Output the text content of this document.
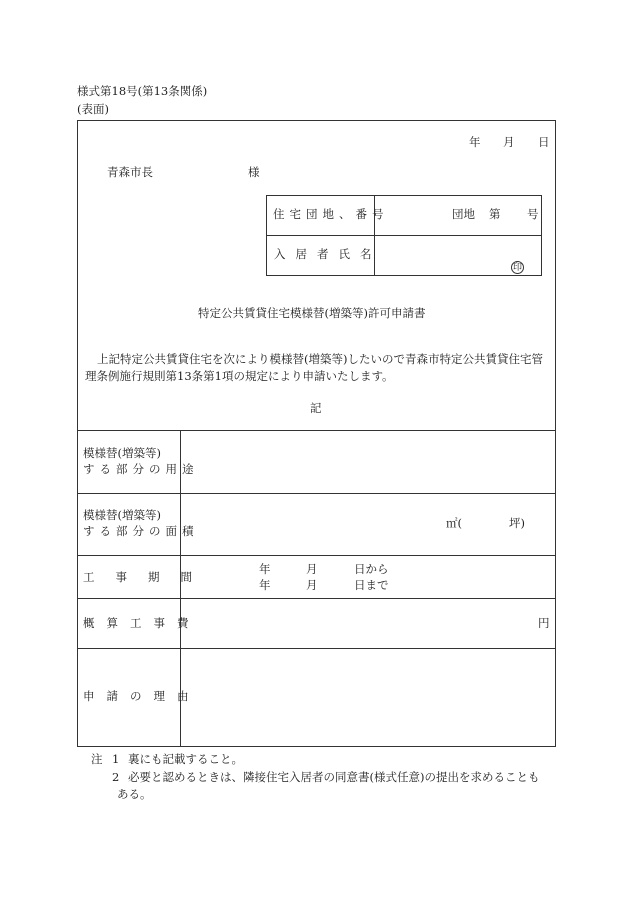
様式第18号(第13条関係)
(表面)
年 月 日
青森市長	様
住宅団地、番号	団地 第 号
入居者氏名
印
特定公共賃貸住宅模様替(増築等)許可申請書
上記特定公共賃貸住宅を次により模様替(増築等)したいので青森市特定公共賃貸住宅管理条例施行規則第13条第1項の規定により申請いたします。
記
模様替(増築等)
する部分の用途
模様替(増築等)
する部分の面積
㎡(	坪)
工事期間
年	月	日から
年	月	日まで
概算工事費	円
申請の理由
注 1 裏にも記載すること。
2 必要と認めるときは、隣接住宅入居者の同意書(様式任意)の提出を求めることも
ある。
